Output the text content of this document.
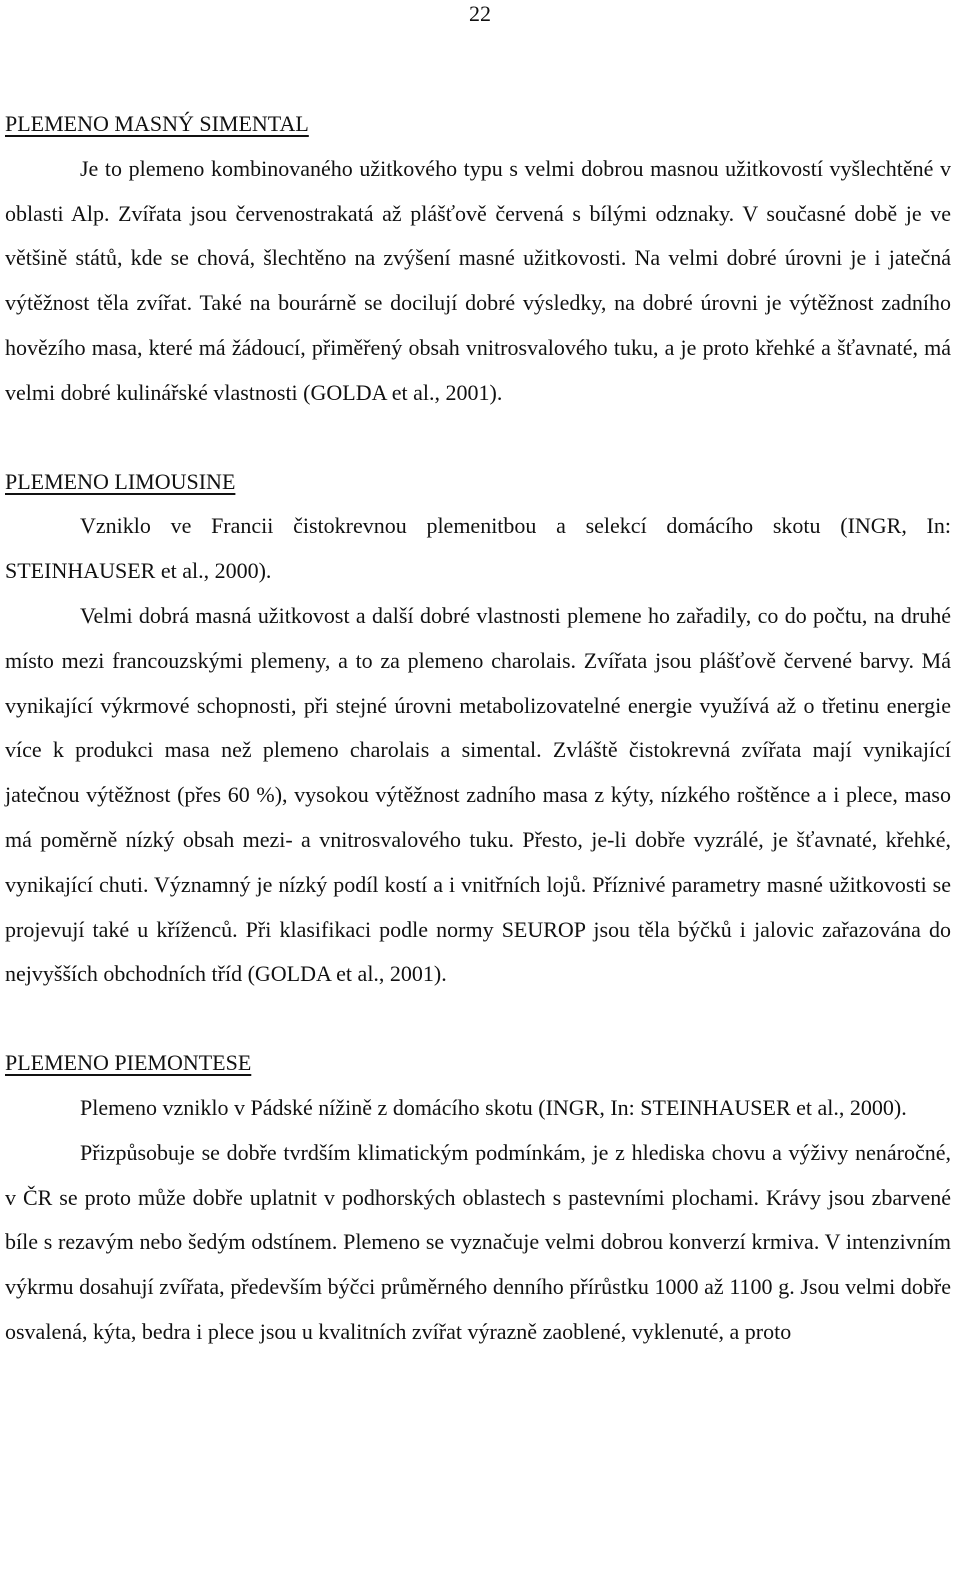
22

PLEMENO MASNÝ SIMENTAL

Je to plemeno kombinovaného užitkového typu s velmi dobrou masnou užitkovostí vyšlechtěné v oblasti Alp. Zvířata jsou červenostrakatá až plášťově červená s bílými odznaky. V současné době je ve většině států, kde se chová, šlechtěno na zvýšení masné užitkovosti. Na velmi dobré úrovni je i jatečná výtěžnost těla zvířat. Také na bourárně se docilují dobré výsledky, na dobré úrovni je výtěžnost zadního hovězího masa, které má žádoucí, přiměřený obsah vnitrosvalového tuku, a je proto křehké a šťavnaté, má velmi dobré kulinářské vlastnosti (GOLDA et al., 2001).

PLEMENO LIMOUSINE

Vzniklo ve Francii čistokrevnou plemenitbou a selekcí domácího skotu (INGR, In: STEINHAUSER et al., 2000).

Velmi dobrá masná užitkovost a další dobré vlastnosti plemene ho zařadily, co do počtu, na druhé místo mezi francouzskými plemeny, a to za plemeno charolais. Zvířata jsou plášťově červené barvy. Má vynikající výkrmové schopnosti, při stejné úrovni metabolizovatelné energie využívá až o třetinu energie více k produkci masa než plemeno charolais a simental. Zvláště čistokrevná zvířata mají vynikající jatečnou výtěžnost (přes 60 %), vysokou výtěžnost zadního masa z kýty, nízkého roštěnce a i plece, maso má poměrně nízký obsah mezi- a vnitrosvalového tuku. Přesto, je-li dobře vyzrálé, je šťavnaté, křehké, vynikající chuti. Významný je nízký podíl kostí a i vnitřních lojů. Příznivé parametry masné užitkovosti se projevují také u kříženců. Při klasifikaci podle normy SEUROP jsou těla býčků i jalovic zařazována do nejvyšších obchodních tříd (GOLDA et al., 2001).

PLEMENO PIEMONTESE

Plemeno vzniklo v Pádské nížině z domácího skotu (INGR, In: STEINHAUSER et al., 2000).

Přizpůsobuje se dobře tvrdším klimatickým podmínkám, je z hlediska chovu a výživy nenáročné, v ČR se proto může dobře uplatnit v podhorských oblastech s pastevními plochami. Krávy jsou zbarvené bíle s rezavým nebo šedým odstínem. Plemeno se vyznačuje velmi dobrou konverzí krmiva. V intenzivním výkrmu dosahují zvířata, především býčci průměrného denního přírůstku 1000 až 1100 g. Jsou velmi dobře osvalená, kýta, bedra i plece jsou u kvalitních zvířat výrazně zaoblené, vyklenuté, a proto
